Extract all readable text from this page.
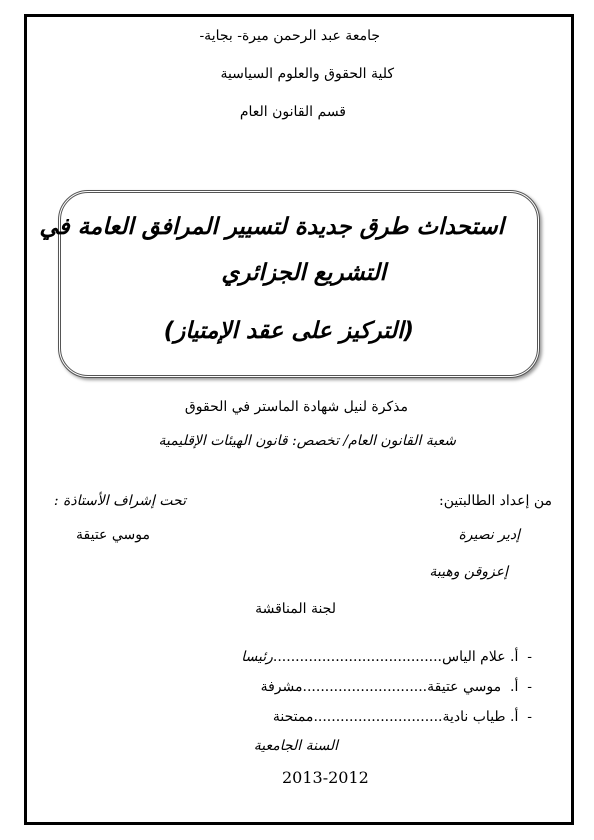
جامعة عبد الرحمن ميرة- بجاية-
كلية الحقوق والعلوم السياسية
قسم القانون العام
استحداث طرق جديدة لتسيير المرافق العامة في
التشريع الجزائري
(التركيز على عقد الإمتياز)
مذكرة لنيل شهادة الماستر في الحقوق
شعبة القانون العام/ تخصص: قانون الهيئات الإقليمية
من إعداد الطالبتين:
تحت إشراف الأستاذة :
إدير نصيرة
موسي عتيقة
إعزوقن وهيبة
لجنة المناقشة
-  أ. علام الياس......................................رئيسا
-  أ.  موسي عتيقة............................مشرفة
-  أ. طياب نادية.............................ممتحنة
السنة الجامعية
2013-2012
